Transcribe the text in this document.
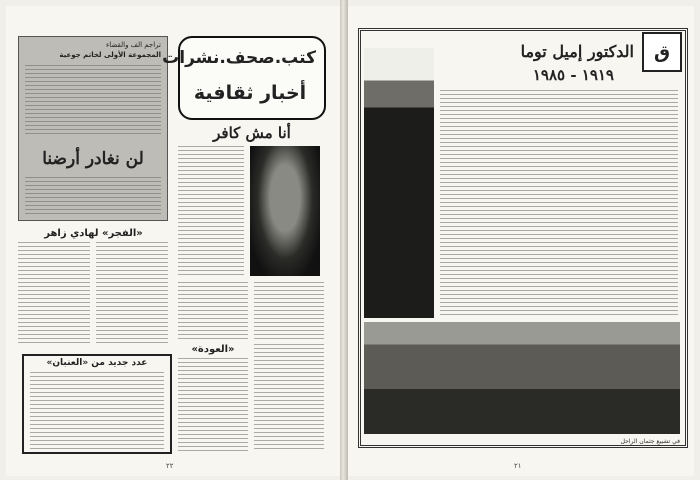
تراجم الف والقضاء
المجموعة الأولى لخاتم جوعية
لن نغادر أرضنا
كتب.صحف.نشرات
أخبار ثقافية
أنا مش كافر
«الفجر» لهادي زاهر
«العودة»
عدد جديد من «العنبان»
٢٢
ق
الدكتور إميل توما
١٩١٩ - ١٩٨٥
في تشييع جثمان الراحل
٢١
